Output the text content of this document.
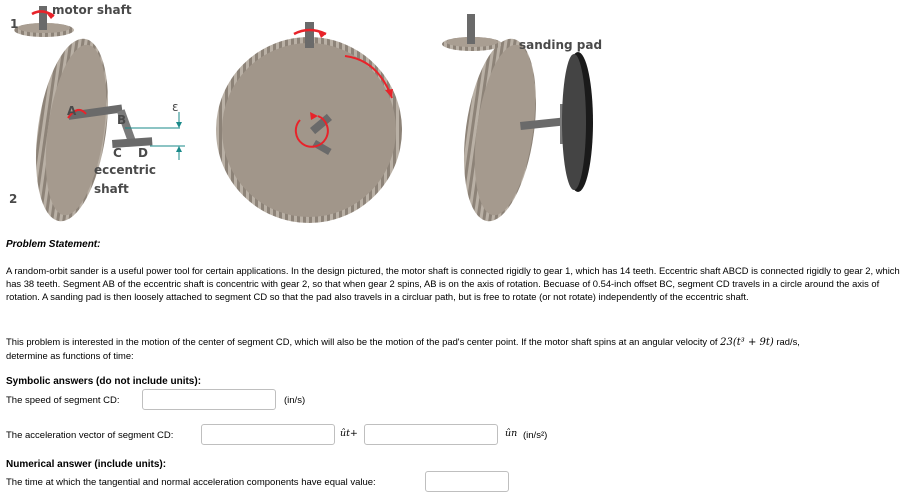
1
motor shaft
2
A
B
C D
ε
eccentric
shaft
sanding pad
Problem Statement:
A random-orbit sander is a useful power tool for certain applications. In the design pictured, the motor shaft is connected rigidly to gear 1, which has 14 teeth. Eccentric shaft ABCD is connected rigidly to gear 2, which has 38 teeth. Segment AB of the eccentric shaft is concentric with gear 2, so that when gear 2 spins, AB is on the axis of rotation. Becuase of 0.54-inch offset BC, segment CD travels in a circle around the axis of rotation. A sanding pad is then loosely attached to segment CD so that the pad also travels in a circluar path, but is free to rotate (or not rotate) independently of the eccentric shaft.
This problem is interested in the motion of the center of segment CD, which will also be the motion of the pad's center point. If the motor shaft spins at an angular velocity of 23(t³ + 9t) rad/s,
determine as functions of time:
Symbolic answers (do not include units):
The speed of segment CD:	(in/s)
The acceleration vector of segment CD:	ût+	ûn (in/s²)
Numerical answer (include units):
The time at which the tangential and normal acceleration components have equal value:
